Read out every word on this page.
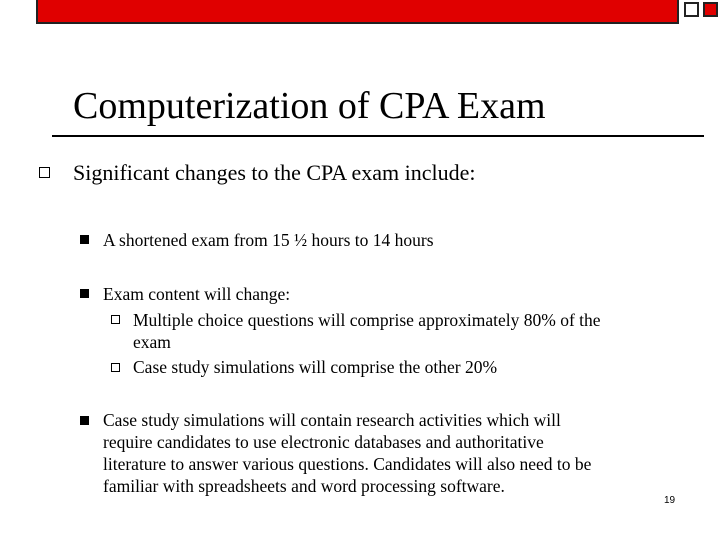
Computerization of CPA Exam
Significant changes to the CPA exam include:
A shortened exam from 15 ½ hours to 14 hours
Exam content will change:
Multiple choice questions will comprise approximately 80% of the
exam
Case study simulations will comprise the other 20%
Case study simulations will contain research activities which will
require candidates to use electronic databases and authoritative
literature to answer various questions. Candidates will also need to be
familiar with spreadsheets and word processing software.
19
